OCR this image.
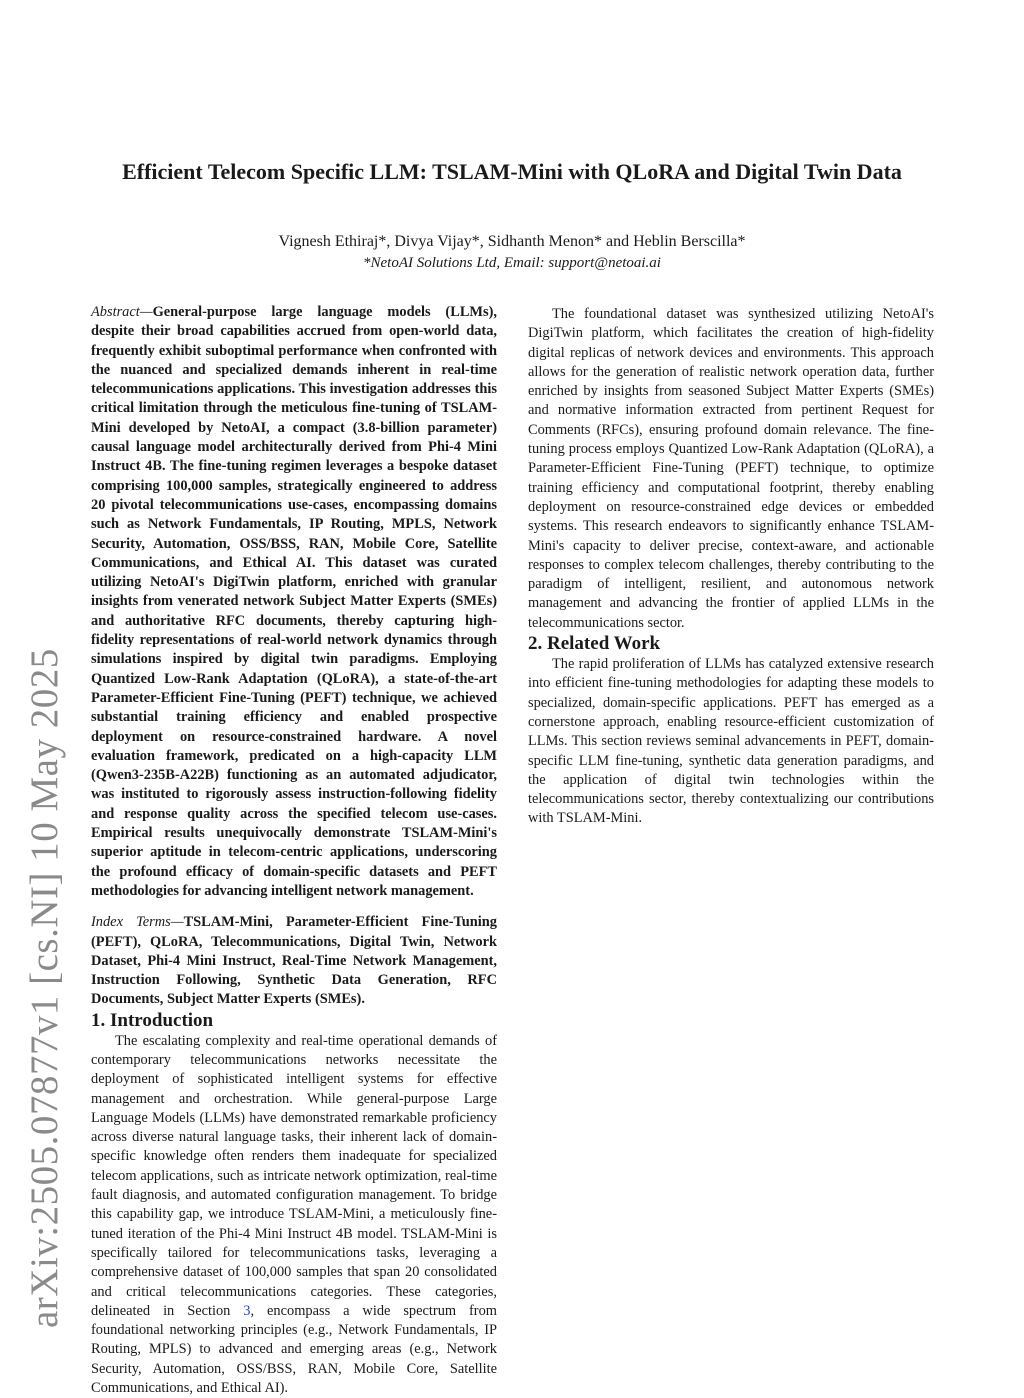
arXiv:2505.07877v1 [cs.NI] 10 May 2025
Efficient Telecom Specific LLM: TSLAM-Mini with QLoRA and Digital Twin Data
Vignesh Ethiraj*, Divya Vijay*, Sidhanth Menon* and Heblin Berscilla*
*NetoAI Solutions Ltd, Email: support@netoai.ai

Abstract—General-purpose large language models (LLMs), despite their broad capabilities accrued from open-world data, frequently exhibit suboptimal performance when confronted with the nuanced and specialized demands inherent in real-time telecommunications applications. This investigation addresses this critical limitation through the meticulous fine-tuning of TSLAM-Mini developed by NetoAI, a compact (3.8-billion parameter) causal language model architecturally derived from Phi-4 Mini Instruct 4B. The fine-tuning regimen leverages a bespoke dataset comprising 100,000 samples, strategically engineered to address 20 pivotal telecommunications use-cases, encompassing domains such as Network Fundamentals, IP Routing, MPLS, Network Security, Automation, OSS/BSS, RAN, Mobile Core, Satellite Communications, and Ethical AI. This dataset was curated utilizing NetoAI's DigiTwin platform, enriched with granular insights from venerated network Subject Matter Experts (SMEs) and authoritative RFC documents, thereby capturing high-fidelity representations of real-world network dynamics through simulations inspired by digital twin paradigms. Employing Quantized Low-Rank Adaptation (QLoRA), a state-of-the-art Parameter-Efficient Fine-Tuning (PEFT) technique, we achieved substantial training efficiency and enabled prospective deployment on resource-constrained hardware. A novel evaluation framework, predicated on a high-capacity LLM (Qwen3-235B-A22B) functioning as an automated adjudicator, was instituted to rigorously assess instruction-following fidelity and response quality across the specified telecom use-cases. Empirical results unequivocally demonstrate TSLAM-Mini's superior aptitude in telecom-centric applications, underscoring the profound efficacy of domain-specific datasets and PEFT methodologies for advancing intelligent network management.

Index Terms—TSLAM-Mini, Parameter-Efficient Fine-Tuning (PEFT), QLoRA, Telecommunications, Digital Twin, Network Dataset, Phi-4 Mini Instruct, Real-Time Network Management, Instruction Following, Synthetic Data Generation, RFC Documents, Subject Matter Experts (SMEs).

1. Introduction

The escalating complexity and real-time operational demands of contemporary telecommunications networks necessitate the deployment of sophisticated intelligent systems for effective management and orchestration. While general-purpose Large Language Models (LLMs) have demonstrated remarkable proficiency across diverse natural language tasks, their inherent lack of domain-specific knowledge often renders them inadequate for specialized telecom applications, such as intricate network optimization, real-time fault diagnosis, and automated configuration management. To bridge this capability gap, we introduce TSLAM-Mini, a meticulously fine-tuned iteration of the Phi-4 Mini Instruct 4B model. TSLAM-Mini is specifically tailored for telecommunications tasks, leveraging a comprehensive dataset of 100,000 samples that span 20 consolidated and critical telecommunications categories. These categories, delineated in Section 3, encompass a wide spectrum from foundational networking principles (e.g., Network Fundamentals, IP Routing, MPLS) to advanced and emerging areas (e.g., Network Security, Automation, OSS/BSS, RAN, Mobile Core, Satellite Communications, and Ethical AI).

The foundational dataset was synthesized utilizing NetoAI's DigiTwin platform, which facilitates the creation of high-fidelity digital replicas of network devices and environments. This approach allows for the generation of realistic network operation data, further enriched by insights from seasoned Subject Matter Experts (SMEs) and normative information extracted from pertinent Request for Comments (RFCs), ensuring profound domain relevance. The fine-tuning process employs Quantized Low-Rank Adaptation (QLoRA), a Parameter-Efficient Fine-Tuning (PEFT) technique, to optimize training efficiency and computational footprint, thereby enabling deployment on resource-constrained edge devices or embedded systems. This research endeavors to significantly enhance TSLAM-Mini's capacity to deliver precise, context-aware, and actionable responses to complex telecom challenges, thereby contributing to the paradigm of intelligent, resilient, and autonomous network management and advancing the frontier of applied LLMs in the telecommunications sector.

2. Related Work

The rapid proliferation of LLMs has catalyzed extensive research into efficient fine-tuning methodologies for adapting these models to specialized, domain-specific applications. PEFT has emerged as a cornerstone approach, enabling resource-efficient customization of LLMs. This section reviews seminal advancements in PEFT, domain-specific LLM fine-tuning, synthetic data generation paradigms, and the application of digital twin technologies within the telecommunications sector, thereby contextualizing our contributions with TSLAM-Mini.
